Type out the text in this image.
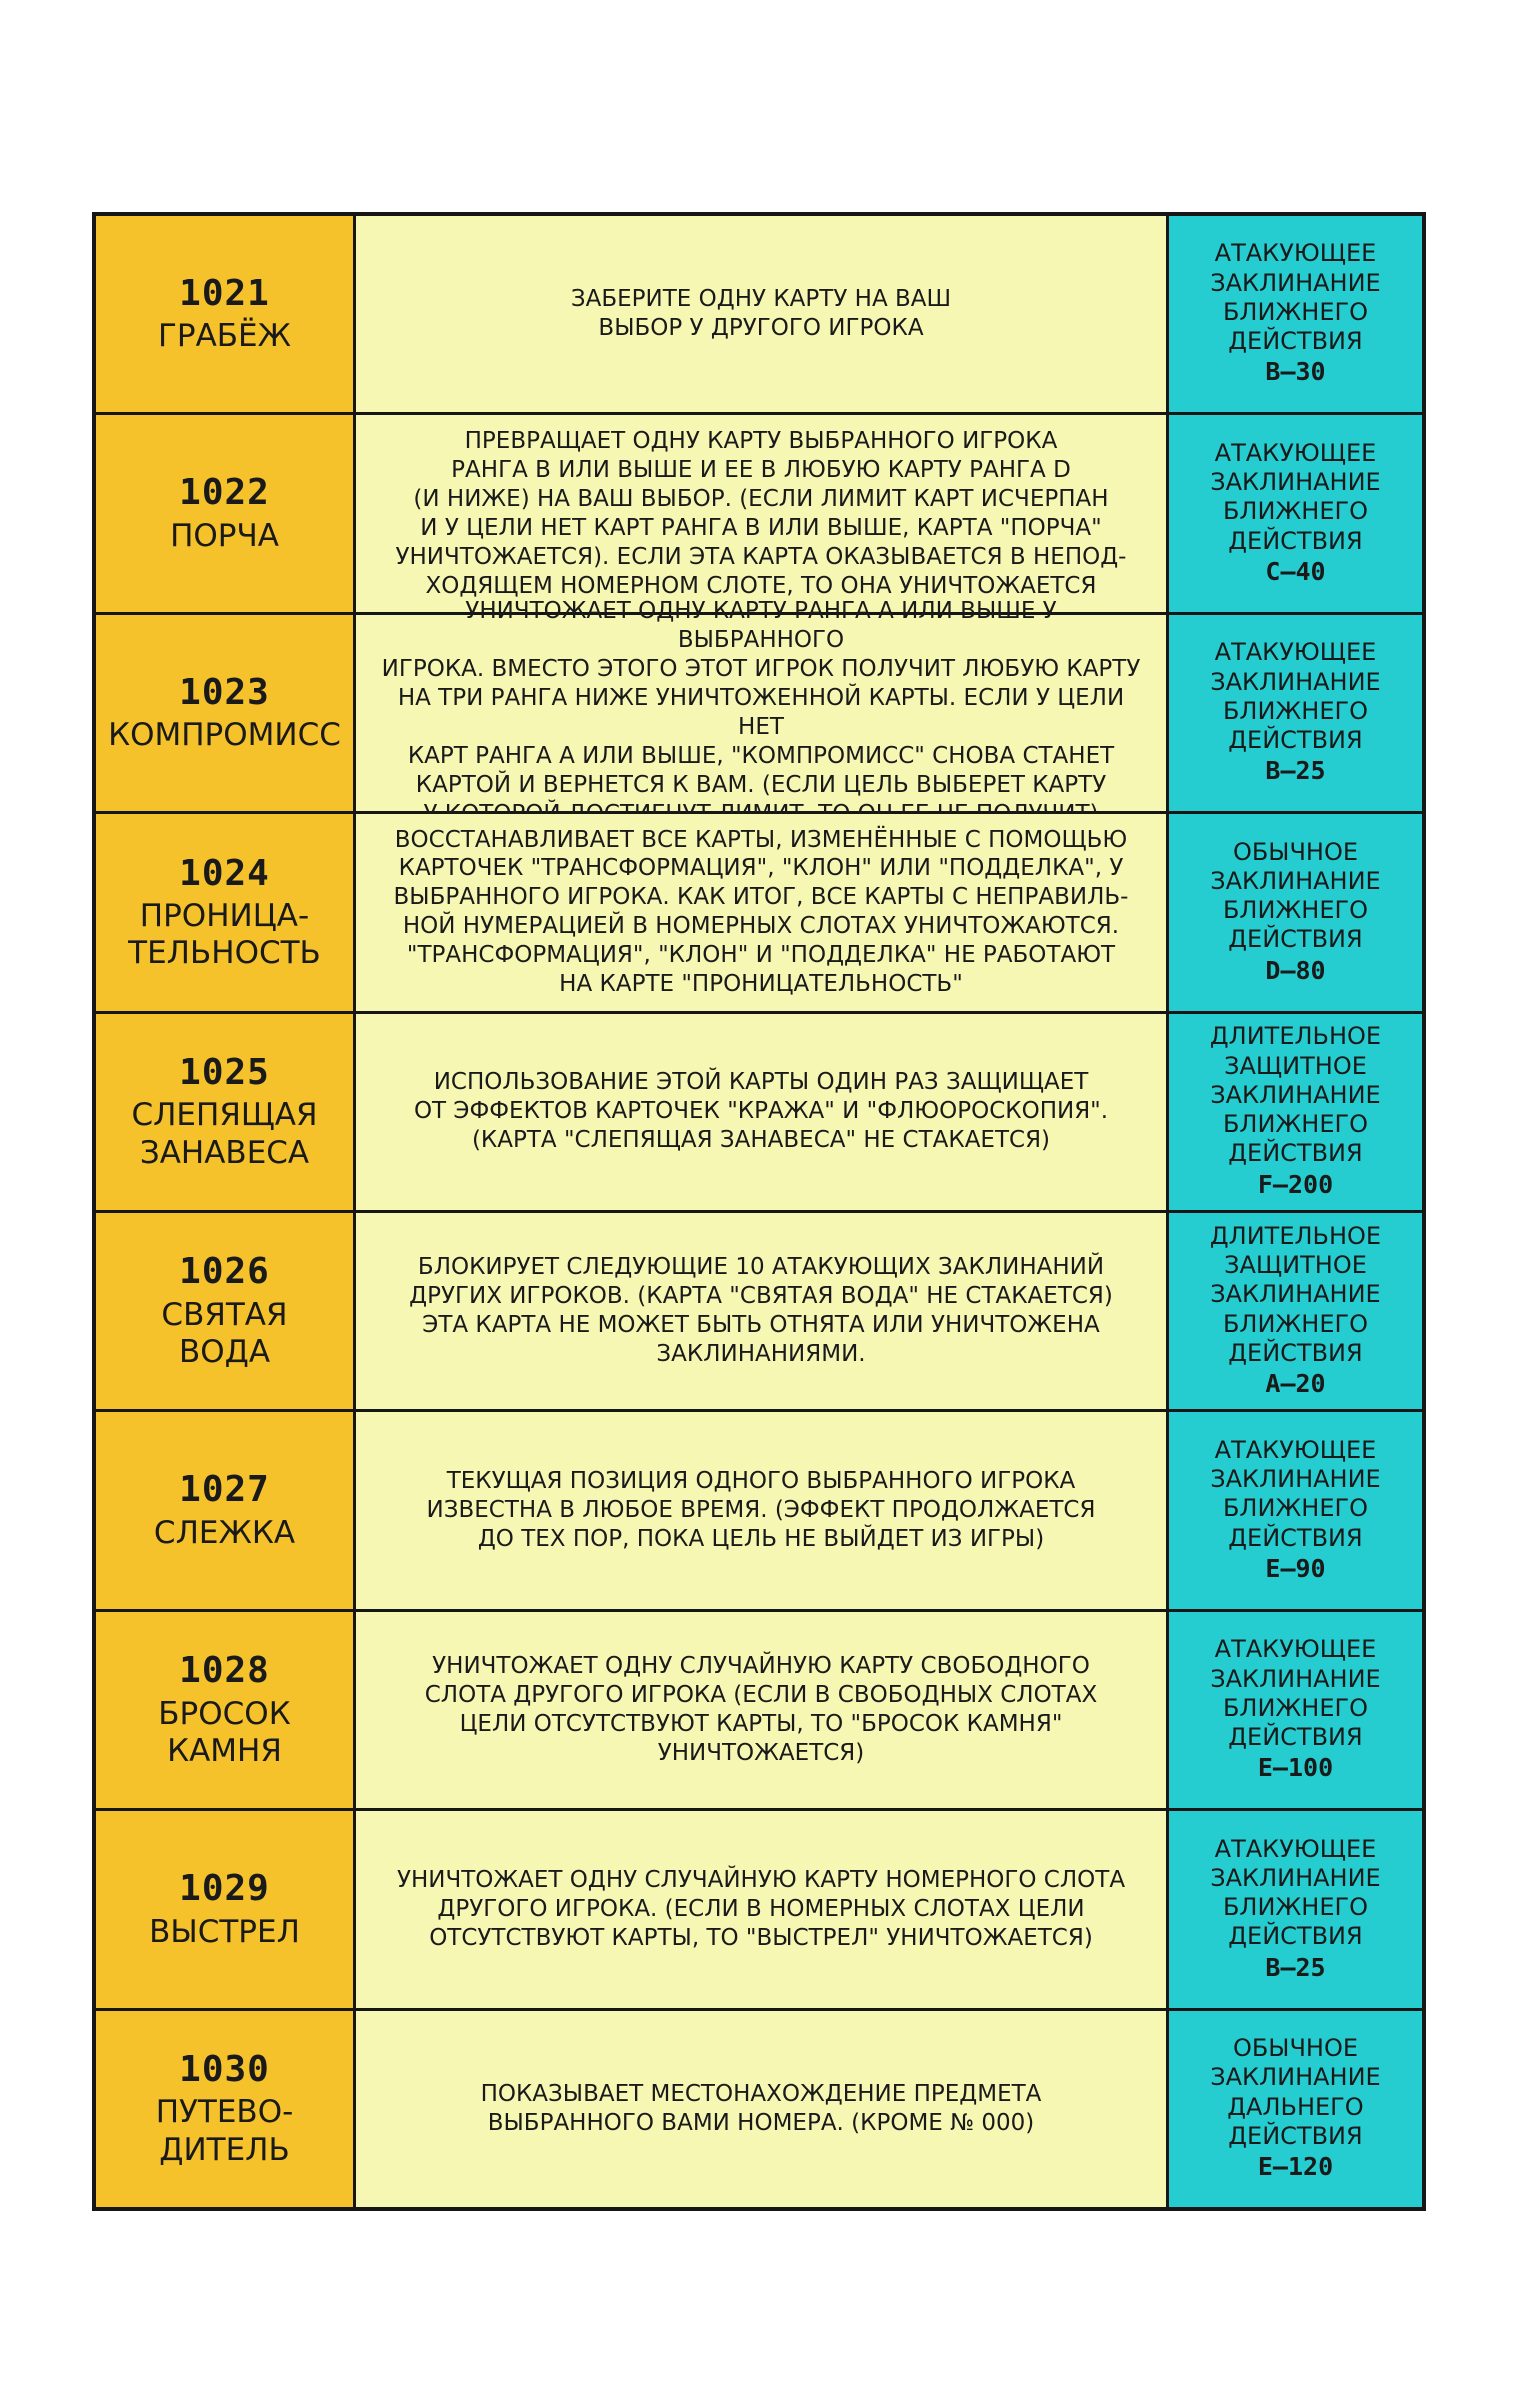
1021
ГРАБЁЖ
ЗАБЕРИТЕ ОДНУ КАРТУ НА ВАШ
ВЫБОР У ДРУГОГО ИГРОКА
АТАКУЮЩЕЕ
ЗАКЛИНАНИЕ
БЛИЖНЕГО
ДЕЙСТВИЯ
B—30
1022
ПОРЧА
ПРЕВРАЩАЕТ ОДНУ КАРТУ ВЫБРАННОГО ИГРОКА
РАНГА В ИЛИ ВЫШЕ И ЕЕ В ЛЮБУЮ КАРТУ РАНГА D
(И НИЖЕ) НА ВАШ ВЫБОР. (ЕСЛИ ЛИМИТ КАРТ ИСЧЕРПАН
И У ЦЕЛИ НЕТ КАРТ РАНГА В ИЛИ ВЫШЕ, КАРТА "ПОРЧА"
УНИЧТОЖАЕТСЯ). ЕСЛИ ЭТА КАРТА ОКАЗЫВАЕТСЯ В НЕПОД-
ХОДЯЩЕМ НОМЕРНОМ СЛОТЕ, ТО ОНА УНИЧТОЖАЕТСЯ
АТАКУЮЩЕЕ
ЗАКЛИНАНИЕ
БЛИЖНЕГО
ДЕЙСТВИЯ
C—40
1023
КОМПРОМИСС
УНИЧТОЖАЕТ ОДНУ КАРТУ РАНГА А ИЛИ ВЫШЕ У ВЫБРАННОГО
ИГРОКА. ВМЕСТО ЭТОГО ЭТОТ ИГРОК ПОЛУЧИТ ЛЮБУЮ КАРТУ
НА ТРИ РАНГА НИЖЕ УНИЧТОЖЕННОЙ КАРТЫ. ЕСЛИ У ЦЕЛИ НЕТ
КАРТ РАНГА А ИЛИ ВЫШЕ, "КОМПРОМИСС" СНОВА СТАНЕТ
КАРТОЙ И ВЕРНЕТСЯ К ВАМ. (ЕСЛИ ЦЕЛЬ ВЫБЕРЕТ КАРТУ

АТАКУЮЩЕЕ
ЗАКЛИНАНИЕ
БЛИЖНЕГО
ДЕЙСТВИЯ
B—25
1024
ПРОНИЦА-
ТЕЛЬНОСТЬ
ВОССТАНАВЛИВАЕТ ВСЕ КАРТЫ, ИЗМЕНЁННЫЕ С ПОМОЩЬЮ
КАРТОЧЕК "ТРАНСФОРМАЦИЯ", "КЛОН" ИЛИ "ПОДДЕЛКА", У
ВЫБРАННОГО ИГРОКА. КАК ИТОГ, ВСЕ КАРТЫ С НЕПРАВИЛЬ-
НОЙ НУМЕРАЦИЕЙ В НОМЕРНЫХ СЛОТАХ УНИЧТОЖАЮТСЯ.
"ТРАНСФОРМАЦИЯ", "КЛОН" И "ПОДДЕЛКА" НЕ РАБОТАЮТ
НА КАРТЕ "ПРОНИЦАТЕЛЬНОСТЬ"
ОБЫЧНОЕ
ЗАКЛИНАНИЕ
БЛИЖНЕГО
ДЕЙСТВИЯ
D—80
1025
СЛЕПЯЩАЯ
ЗАНАВЕСА
ИСПОЛЬЗОВАНИЕ ЭТОЙ КАРТЫ ОДИН РАЗ ЗАЩИЩАЕТ
ОТ ЭФФЕКТОВ КАРТОЧЕК "КРАЖА" И "ФЛЮОРОСКОПИЯ".
(КАРТА "СЛЕПЯЩАЯ ЗАНАВЕСА" НЕ СТАКАЕТСЯ)
ДЛИТЕЛЬНОЕ
ЗАЩИТНОЕ
ЗАКЛИНАНИЕ
БЛИЖНЕГО
ДЕЙСТВИЯ
F—200
1026
СВЯТАЯ
ВОДА
БЛОКИРУЕТ СЛЕДУЮЩИЕ 10 АТАКУЮЩИХ ЗАКЛИНАНИЙ
ДРУГИХ ИГРОКОВ. (КАРТА "СВЯТАЯ ВОДА" НЕ СТАКАЕТСЯ)
ЭТА КАРТА НЕ МОЖЕТ БЫТЬ ОТНЯТА ИЛИ УНИЧТОЖЕНА
ЗАКЛИНАНИЯМИ.
ДЛИТЕЛЬНОЕ
ЗАЩИТНОЕ
ЗАКЛИНАНИЕ
БЛИЖНЕГО
ДЕЙСТВИЯ
A—20
1027
СЛЕЖКА
ТЕКУЩАЯ ПОЗИЦИЯ ОДНОГО ВЫБРАННОГО ИГРОКА
ИЗВЕСТНА В ЛЮБОЕ ВРЕМЯ. (ЭФФЕКТ ПРОДОЛЖАЕТСЯ
ДО ТЕХ ПОР, ПОКА ЦЕЛЬ НЕ ВЫЙДЕТ ИЗ ИГРЫ)
АТАКУЮЩЕЕ
ЗАКЛИНАНИЕ
БЛИЖНЕГО
ДЕЙСТВИЯ
E—90
1028
БРОСОК
КАМНЯ
УНИЧТОЖАЕТ ОДНУ СЛУЧАЙНУЮ КАРТУ СВОБОДНОГО
СЛОТА ДРУГОГО ИГРОКА (ЕСЛИ В СВОБОДНЫХ СЛОТАХ
ЦЕЛИ ОТСУТСТВУЮТ КАРТЫ, ТО "БРОСОК КАМНЯ"
УНИЧТОЖАЕТСЯ)
АТАКУЮЩЕЕ
ЗАКЛИНАНИЕ
БЛИЖНЕГО
ДЕЙСТВИЯ
E—100
1029
ВЫСТРЕЛ
УНИЧТОЖАЕТ ОДНУ СЛУЧАЙНУЮ КАРТУ НОМЕРНОГО СЛОТА
ДРУГОГО ИГРОКА. (ЕСЛИ В НОМЕРНЫХ СЛОТАХ ЦЕЛИ
ОТСУТСТВУЮТ КАРТЫ, ТО "ВЫСТРЕЛ" УНИЧТОЖАЕТСЯ)
АТАКУЮЩЕЕ
ЗАКЛИНАНИЕ
БЛИЖНЕГО
ДЕЙСТВИЯ
B—25
1030
ПУТЕВО-
ДИТЕЛЬ
ПОКАЗЫВАЕТ МЕСТОНАХОЖДЕНИЕ ПРЕДМЕТА
ВЫБРАННОГО ВАМИ НОМЕРА. (КРОМЕ № 000)
ОБЫЧНОЕ
ЗАКЛИНАНИЕ
ДАЛЬНЕГО
ДЕЙСТВИЯ
E—120
